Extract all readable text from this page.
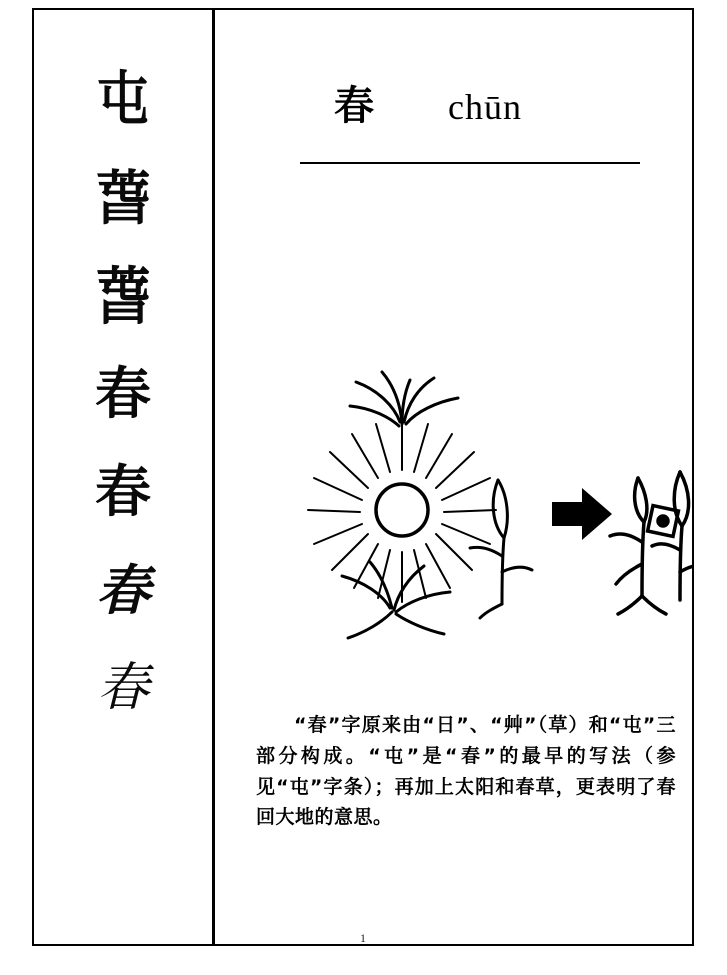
屯
萅
萅
春
春
春
春
春 chūn
“春”字原来由“日”、“艸”（草）和“屯”三部分构成。“屯”是“春”的最早的写法（参见“屯”字条）；再加上太阳和春草，更表明了春回大地的意思。
1
